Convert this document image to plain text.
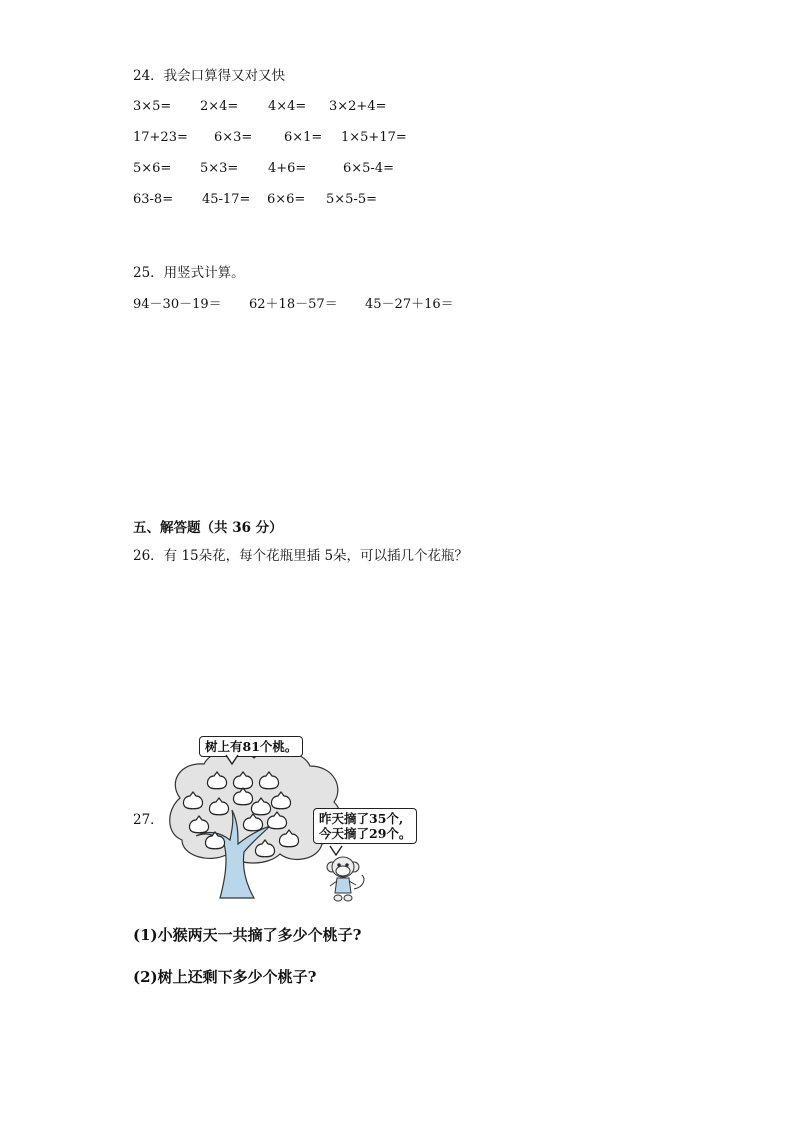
24．我会口算得又对又快
3×5= 2×4= 4×4= 3×2+4=
17+23= 6×3= 6×1= 1×5+17=
5×6= 5×3= 4+6=	6×5-4=
63-8= 45-17= 6×6= 5×5-5=
25．用竖式计算。
94－30－19＝ 62＋18－57＝ 45－27＋16＝
五、解答题（共 36 分）
26．有 15朵花，每个花瓶里插 5朵，可以插几个花瓶？
27．
树上有81个桃。
昨天摘了35个,
今天摘了29个。
(1)小猴两天一共摘了多少个桃子?
(2)树上还剩下多少个桃子?
